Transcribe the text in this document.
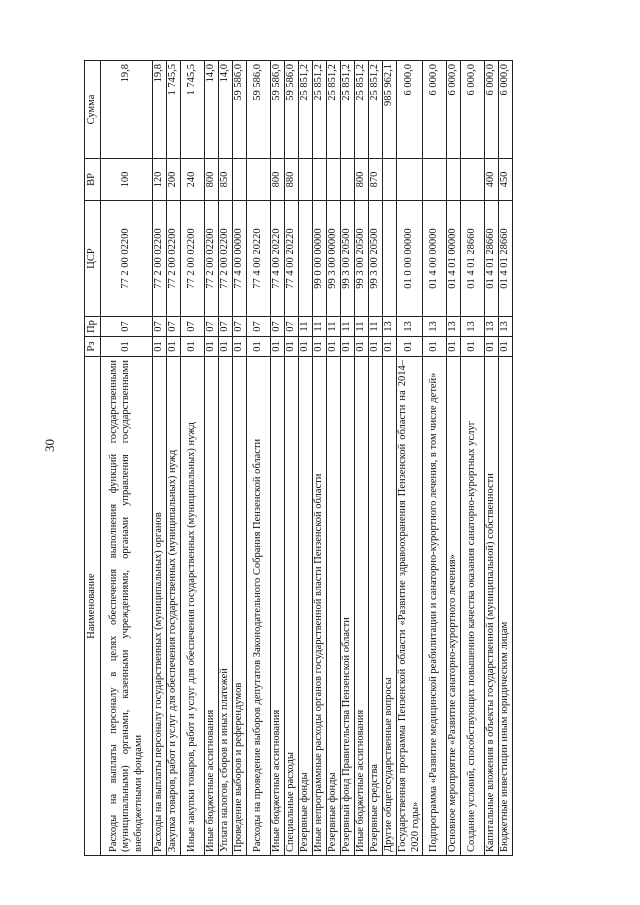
30
Наименование	Рз	Пр	ЦСР	ВР	Сумма
Расходы на выплаты персоналу в целях обеспечения выполнения функций государственными (муниципальными) органами, казенными учреждениями, органами управления государственными внебюджетными фондами	01	07	77 2 00 02200	100	19,8
Расходы на выплаты персоналу государственных (муниципальных) органов	01	07	77 2 00 02200	120	19,8
Закупка товаров, работ и услуг для обеспечения государственных (муниципальных) нужд	01	07	77 2 00 02200	200	1 745,5
Иные закупки товаров, работ и услуг для обеспечения государственных (муниципальных) нужд	01	07	77 2 00 02200	240	1 745,5
Иные бюджетные ассигнования	01	07	77 2 00 02200	800	14,0
Уплата налогов, сборов и иных платежей	01	07	77 2 00 02200	850	14,0
Проведение выборов и референдумов	01	07	77 4 00 00000		59 586,0
Расходы на проведение выборов депутатов Законодательного Собрания Пензенской области	01	07	77 4 00 20220		59 586,0
Иные бюджетные ассигнования	01	07	77 4 00 20220	800	59 586,0
Специальные расходы	01	07	77 4 00 20220	880	59 586,0
Резервные фонды	01	11			25 851,2
Иные непрограммные расходы органов государственной власти Пензенской области	01	11	99 0 00 00000		25 851,2
Резервные фонды	01	11	99 3 00 00000		25 851,2
Резервный фонд Правительства Пензенской области	01	11	99 3 00 20500		25 851,2
Иные бюджетные ассигнования	01	11	99 3 00 20500	800	25 851,2
Резервные средства	01	11	99 3 00 20500	870	25 851,2
Другие общегосударственные вопросы	01	13			985 962,1
Государственная программа Пензенской области «Развитие здравоохранения Пензенской области на 2014–2020 годы»	01	13	01 0 00 00000		6 000,0
Подпрограмма «Развитие медицинской реабилитации и санаторно-курортного лечения, в том числе детей»	01	13	01 4 00 00000		6 000,0
Основное мероприятие «Развитие санаторно-курортного лечения»	01	13	01 4 01 00000		6 000,0
Создание условий, способствующих повышению качества оказания санаторно-курортных услуг	01	13	01 4 01 28660		6 000,0
Капитальные вложения в объекты государственной (муниципальной) собственности	01	13	01 4 01 28660	400	6 000,0
Бюджетные инвестиции иным юридическим лицам	01	13	01 4 01 28660	450	6 000,0
